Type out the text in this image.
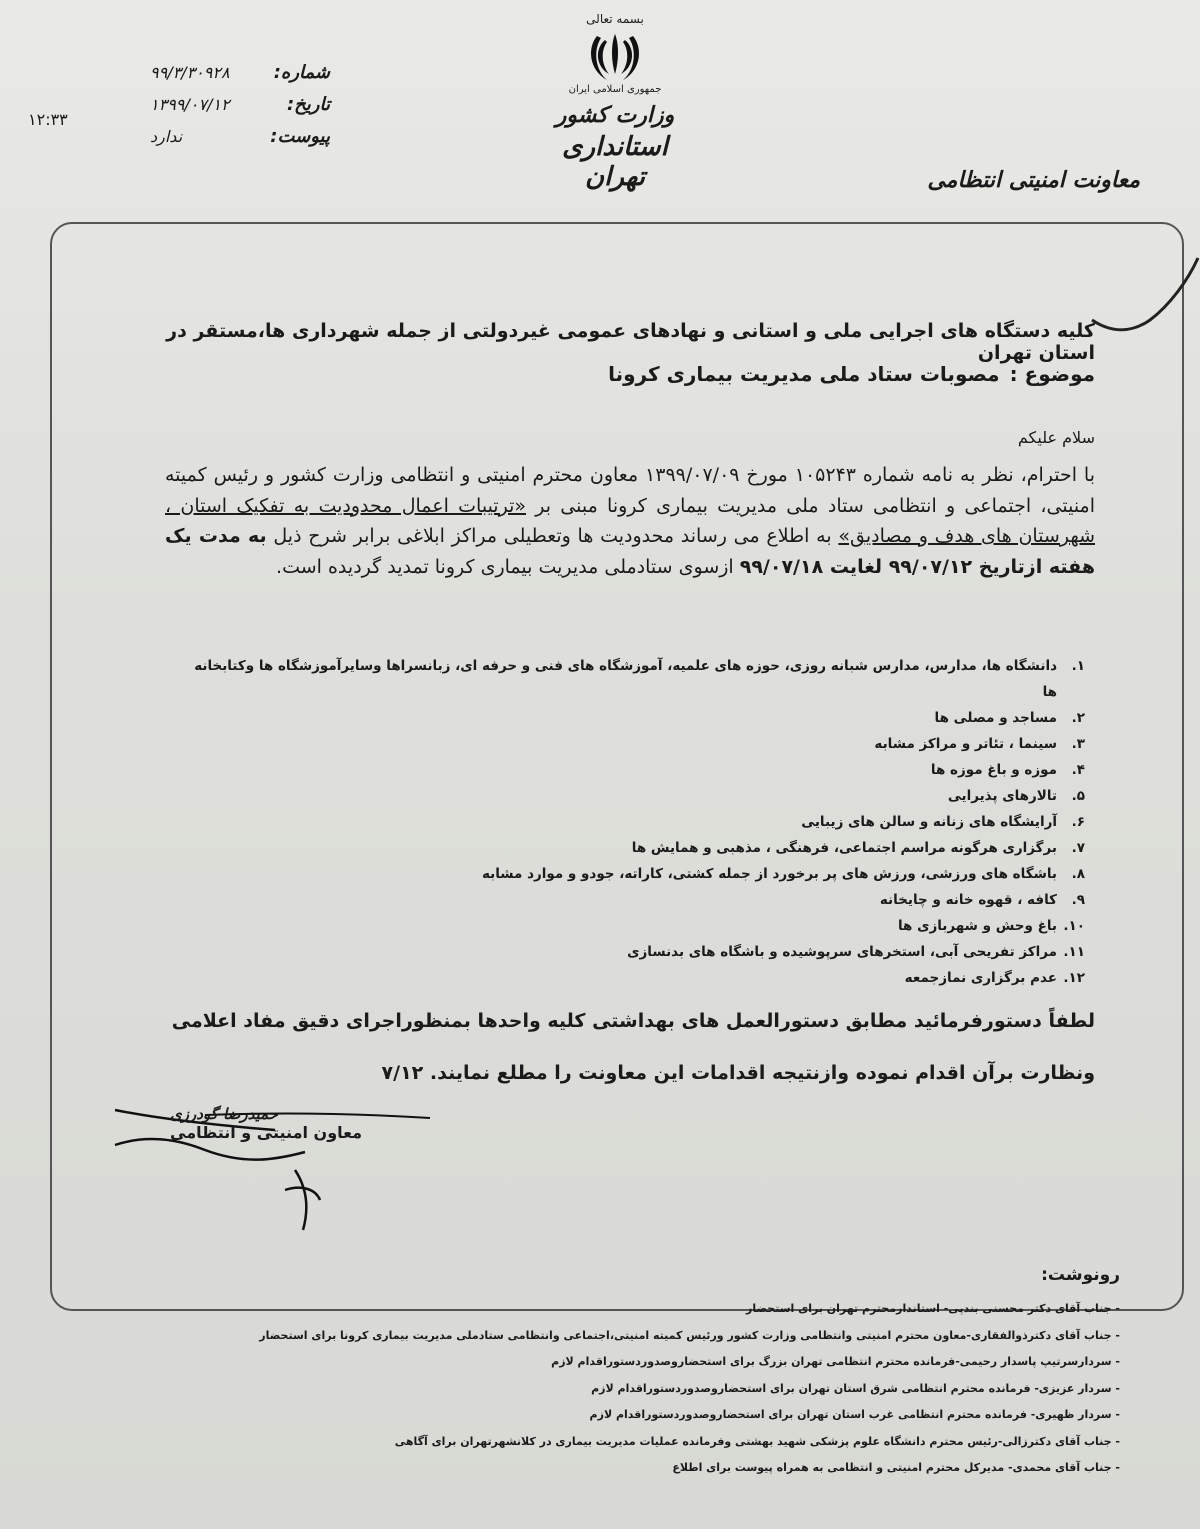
شماره:
۹۹/۳/۳۰۹۲۸
تاریخ:
۱۳۹۹/۰۷/۱۲
پیوست:
ندارد
۱۲:۳۳
بسمه تعالی
جمهوری اسلامی ایران
وزارت کشور
استانداری تهران	معاونت امنیتی انتظامی
کلیه دستگاه های اجرایی ملی و استانی و نهادهای عمومی غیردولتی از جمله شهرداری ها،مستقر در استان تهران
موضوع :
مصوبات ستاد ملی مدیریت بیماری کرونا
سلام علیکم
با احترام، نظر به نامه شماره ۱۰۵۲۴۳ مورخ ۱۳۹۹/۰۷/۰۹ معاون محترم امنیتی و انتظامی وزارت کشور و رئیس کمیته امنیتی، اجتماعی و انتظامی ستاد ملی مدیریت بیماری کرونا مبنی بر «ترتیبات اعمال محدودیت به تفکیک استان ، شهرستان های هدف و مصادیق» به اطلاع می رساند محدودیت ها وتعطیلی مراکز ابلاغی برابر شرح ذیل به مدت یک هفته ازتاریخ ۹۹/۰۷/۱۲ لغایت ۹۹/۰۷/۱۸ ازسوی ستادملی مدیریت بیماری کرونا تمدید گردیده است.
۱.
دانشگاه ها، مدارس، مدارس شبانه روزی، حوزه های علمیه، آموزشگاه های فنی و حرفه ای، زبانسراها وسایرآموزشگاه ها وکتابخانه ها
۲.
مساجد و مصلی ها
۳.
سینما ، تئاتر و مراکز مشابه
۴.
موزه و باغ موزه ها
۵.
تالارهای پذیرایی
۶.
آرایشگاه های زنانه و سالن های زیبایی
۷.
برگزاری هرگونه مراسم اجتماعی، فرهنگی ، مذهبی و همایش ها
۸.
باشگاه های ورزشی، ورزش های پر برخورد از جمله کشتی، کاراته، جودو و موارد مشابه
۹.
کافه ، قهوه خانه و چایخانه
۱۰.
باغ وحش و شهربازی ها
۱۱.
مراکز تفریحی آبی، استخرهای سرپوشیده و باشگاه های بدنسازی
۱۲.
عدم برگزاری نمازجمعه
لطفاً دستورفرمائید مطابق دستورالعمل های بهداشتی کلیه واحدها بمنظوراجرای دقیق مفاد اعلامی
ونظارت برآن اقدام نموده وازنتیجه اقدامات این معاونت را مطلع نمایند. ۷/۱۲
حمیدرضا گودرزی
معاون امنیتی و انتظامی
رونوشت:
- جناب آقای دکتر محسنی بندپی- استاندارمحترم تهران برای استحضار
- جناب آقای دکترذوالفقاری-معاون محترم امنیتی وانتظامی وزارت کشور ورئیس کمیته امنیتی،اجتماعی وانتظامی ستادملی مدیریت بیماری کرونا برای استحضار
- سردارسرتیپ پاسدار رحیمی-فرمانده محترم انتظامی تهران بزرگ برای استحضاروصدوردستوراقدام لازم
- سردار عزیزی- فرمانده محترم انتظامی شرق استان تهران برای استحضاروصدوردستوراقدام لازم
- سردار ظهیری- فرمانده محترم انتظامی غرب استان تهران برای استحضاروصدوردستوراقدام لازم
- جناب آقای دکترزالی-رئیس محترم دانشگاه علوم پزشکی شهید بهشتی وفرمانده عملیات مدیریت بیماری در کلانشهرتهران برای آگاهی
- جناب آقای محمدی- مدیرکل محترم امنیتی و انتظامی به همراه پیوست برای اطلاع
